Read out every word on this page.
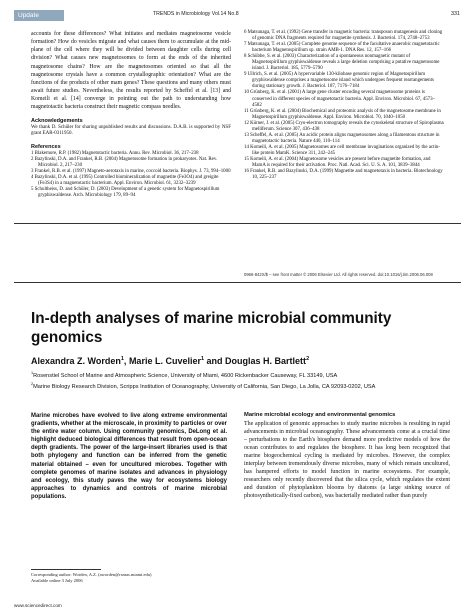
Update	TRENDS in Microbiology Vol.14 No.8	331

accounts for these differences? What initiates and mediates magnetosome vesicle formation? How do vesicles migrate and what causes them to accumulate at the mid-plane of the cell where they will be divided between daughter cells during cell division? What causes new magnetosomes to form at the ends of the inherited magnetosome chains? How are the magnetosomes oriented so that all the magnetosome crystals have a common crystallographic orientation? What are the functions of the products of other mam genes? These questions and many others must await future studies. Nevertheless, the results reported by Scheffel et al. [13] and Komeili et al. [14] converge in pointing out the path to understanding how magnetotactic bacteria construct their magnetic compass needles.

Acknowledgements

We thank D. Schüler for sharing unpublished results and discussions. D.A.B. is supported by NSF grant EAR-0311950.

References
1 Blakemore, R.P. (1982) Magnetotactic bacteria. Annu. Rev. Microbiol. 36, 217–238
2 Bazylinski, D.A. and Frankel, R.B. (2004) Magnetosome formation in prokaryotes. Nat. Rev. Microbiol. 2, 217–230
3 Frankel, R.B. et al. (1997) Magneto-aerotaxis in marine, coccoid bacteria. Biophys. J. 73, 994–1000
4 Bazylinski, D.A. et al. (1995) Controlled biomineralization of magnetite (Fe3O4) and greigite (Fe3S4) in a magnetotactic bacterium. Appl. Environ. Microbiol. 61, 3232–3239
5 Schultheiss, D. and Schüler, D. (2003) Development of a genetic system for Magnetospirillum gryphiswaldense. Arch. Microbiology 179, 89–94
6 Matsunaga, T. et al. (1992) Gene transfer in magnetic bacteria: transposon mutagenesis and cloning of genomic DNA fragments required for magnetite synthesis. J. Bacteriol. 174, 2748–2753
7 Matsunaga, T. et al. (2005) Complete genome sequence of the facultative anaerobic magnetotactic bacterium Magnetospirillum sp. strain AMB-1. DNA Res. 12, 157–166
8 Schübbe, S. et al. (2003) Characterization of a spontaneous nonmagnetic mutant of Magnetospirillum gryphiswaldense reveals a large deletion comprising a putative magnetosome island. J. Bacteriol. 185, 5779–5790
9 Ullrich, S. et al. (2005) A hypervariable 130-kilobase genomic region of Magnetospirillum gryphiswaldense comprises a magnetosome island which undergoes frequent rearrangements during stationary growth. J. Bacteriol. 187, 7176–7184
10 Grünberg, K. et al. (2001) A large gene cluster encoding several magnetosome proteins is conserved in different species of magnetotactic bacteria. Appl. Environ. Microbiol. 67, 4573–4582
11 Grünberg, K. et al. (2004) Biochemical and proteomic analysis of the magnetosome membrane in Magnetospirillum gryphiswaldense. Appl. Environ. Microbiol. 70, 1040–1050
12 Kürner, J. et al. (2005) Cryo-electron tomography reveals the cytoskeletal structure of Spiroplasma melliferum. Science 307, 436–438
13 Scheffel, A. et al. (2005) An acidic protein aligns magnetosomes along a filamentous structure in magnetotactic bacteria. Nature 440, 110–114
14 Komeili, A. et al. (2005) Magnetosomes are cell membrane invaginations organized by the actin-like protein MamK. Science 311, 242–245
15 Komeili, A. et al. (2004) Magnetosome vesicles are present before magnetite formation, and MamA is required for their activation. Proc. Natl. Acad. Sci. U. S. A. 101, 3839–3844
16 Frankel, R.B. and Bazylinski, D.A. (1999) Magnetite and magnetotaxis in bacteria. Biotechnology 10, 225–237
0966-842X/$ – see front matter © 2006 Elsevier Ltd. All rights reserved. doi:10.1016/j.tim.2006.06.008
In-depth analyses of marine microbial community genomics
Alexandra Z. Worden$^1$, Marie L. Cuvelier$^1$ and Douglas H. Bartlett$^2$
$^1$Rosenstiel School of Marine and Atmospheric Science, University of Miami, 4600 Rickenbacker Causeway, FL 33149, USA
$^2$Marine Biology Research Division, Scripps Institution of Oceanography, University of California, San Diego, La Jolla, CA 92093-0202, USA

Marine microbes have evolved to live along extreme environmental gradients, whether at the microscale, in proximity to particles or over the entire water column. Using community genomics, DeLong et al. highlight deduced biological differences that result from open-ocean depth gradients. The power of the large-insert libraries used is that both phylogeny and function can be inferred from the genetic material obtained – even for uncultured microbes. Together with complete genomes of marine isolates and advances in physiology and ecology, this study paves the way for ecosystems biology approaches to dynamics and controls of marine microbial populations.

Corresponding author: Worden, A.Z. (aworden@rsmas.miami.edu)
Available online 3 July 2006
Marine microbial ecology and environmental genomics

The application of genomic approaches to study marine microbes is resulting in rapid advancements in microbial oceanography. These advancements come at a crucial time – perturbations to the Earth's biosphere demand more predictive models of how the ocean contributes to and regulates the biosphere. It has long been recognized that marine biogeochemical cycling is mediated by microbes. However, the complex interplay between tremendously diverse microbes, many of which remain uncultured, has hampered efforts to model function in marine ecosystems. For example, researchers only recently discovered that the silica cycle, which regulates the extent and duration of phytoplankton blooms by diatoms (a large sinking source of photosynthetically-fixed carbon), was bacterially mediated rather than purely

www.sciencedirect.com
